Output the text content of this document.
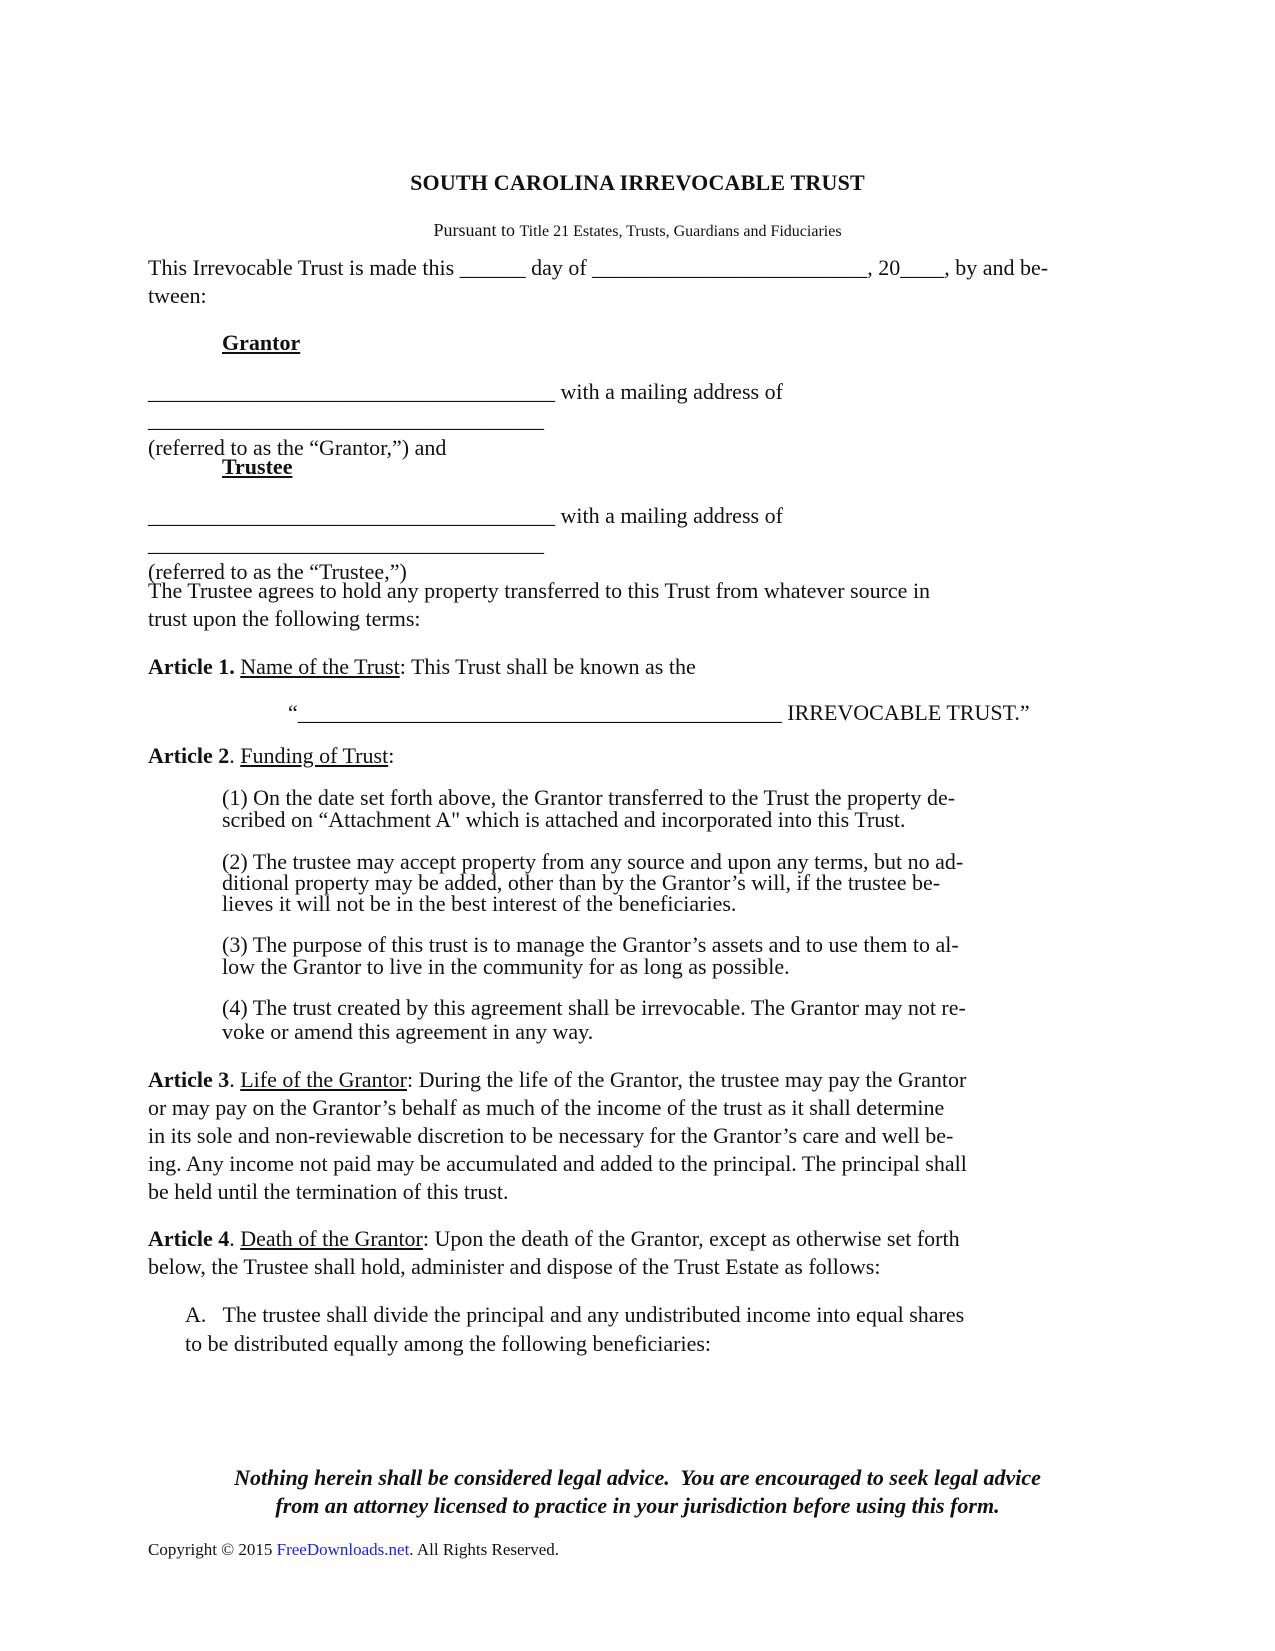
SOUTH CAROLINA IRREVOCABLE TRUST
Pursuant to Title 21 Estates, Trusts, Guardians and Fiduciaries
This Irrevocable Trust is made this ______ day of _________________________, 20____, by and be-
tween:
Grantor
_____________________________________ with a mailing address of ____________________________________
(referred to as the “Grantor,”) and
Trustee
_____________________________________ with a mailing address of ____________________________________
(referred to as the “Trustee,”)
The Trustee agrees to hold any property transferred to this Trust from whatever source in
trust upon the following terms:
Article 1. Name of the Trust: This Trust shall be known as the
“____________________________________________ IRREVOCABLE TRUST.”
Article 2. Funding of Trust:
(1) On the date set forth above, the Grantor transferred to the Trust the property de-
scribed on “Attachment A" which is attached and incorporated into this Trust.
(2) The trustee may accept property from any source and upon any terms, but no ad-
ditional property may be added, other than by the Grantor’s will, if the trustee be-
lieves it will not be in the best interest of the beneficiaries.
(3) The purpose of this trust is to manage the Grantor’s assets and to use them to al-
low the Grantor to live in the community for as long as possible.
(4) The trust created by this agreement shall be irrevocable. The Grantor may not re-
voke or amend this agreement in any way.
Article 3. Life of the Grantor: During the life of the Grantor, the trustee may pay the Grantor
or may pay on the Grantor’s behalf as much of the income of the trust as it shall determine
in its sole and non-reviewable discretion to be necessary for the Grantor’s care and well be-
ing. Any income not paid may be accumulated and added to the principal. The principal shall
be held until the termination of this trust.
Article 4. Death of the Grantor: Upon the death of the Grantor, except as otherwise set forth
below, the Trustee shall hold, administer and dispose of the Trust Estate as follows:
A.   The trustee shall divide the principal and any undistributed income into equal shares
to be distributed equally among the following beneficiaries:
Nothing herein shall be considered legal advice.  You are encouraged to seek legal advice
from an attorney licensed to practice in your jurisdiction before using this form.
Copyright © 2015 FreeDownloads.net. All Rights Reserved.
